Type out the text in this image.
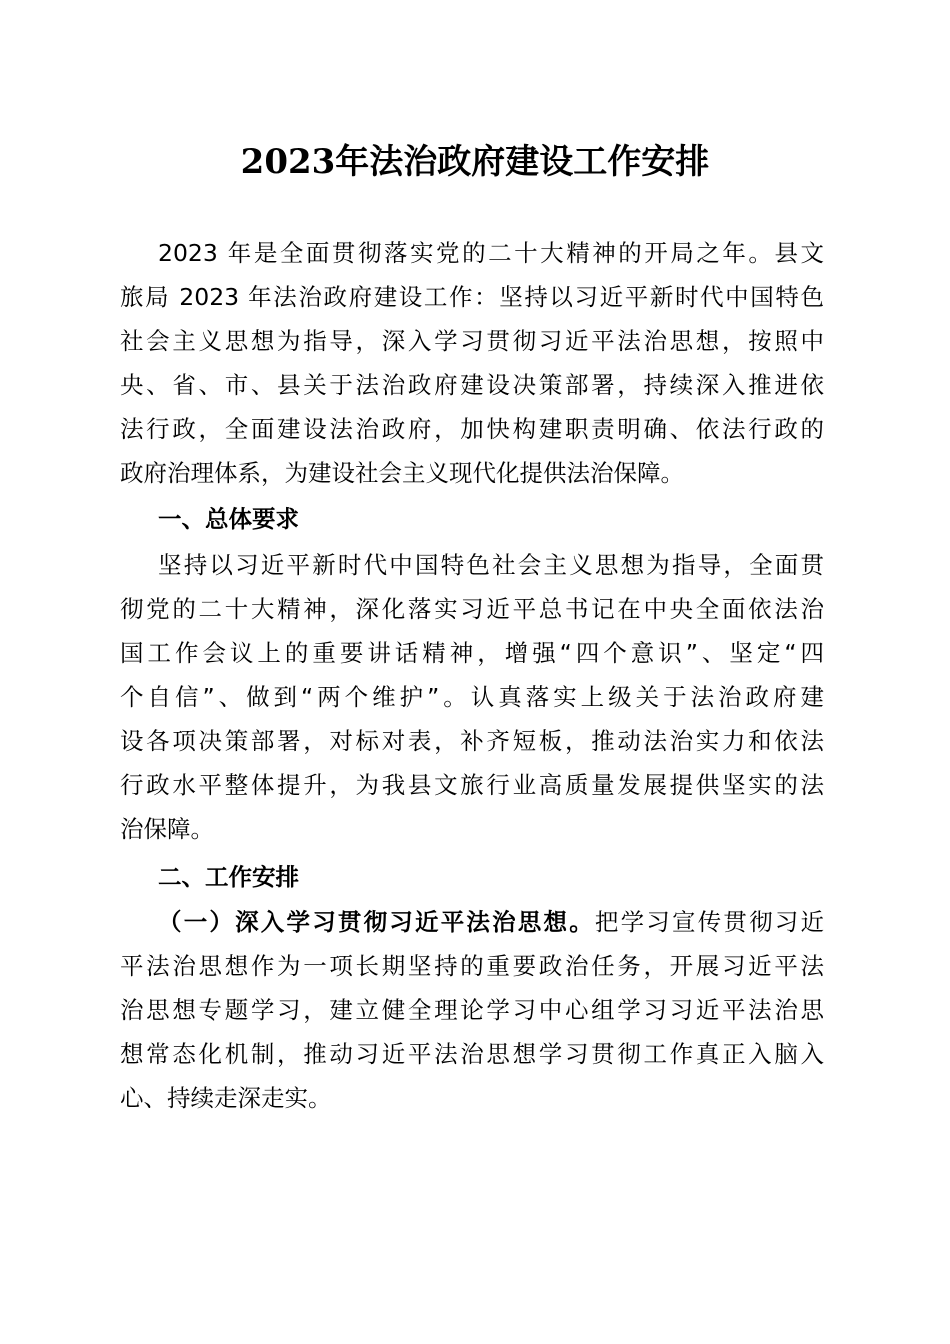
2023年法治政府建设工作安排
2023 年是全面贯彻落实党的二十大精神的开局之年。县文
旅局 2023 年法治政府建设工作：坚持以习近平新时代中国特色
社会主义思想为指导，深入学习贯彻习近平法治思想，按照中
央、省、市、县关于法治政府建设决策部署，持续深入推进依
法行政，全面建设法治政府，加快构建职责明确、依法行政的
政府治理体系，为建设社会主义现代化提供法治保障。
一、总体要求
坚持以习近平新时代中国特色社会主义思想为指导，全面贯
彻党的二十大精神，深化落实习近平总书记在中央全面依法治
国工作会议上的重要讲话精神，增强“四个意识”、坚定“四
个自信”、做到“两个维护”。认真落实上级关于法治政府建
设各项决策部署，对标对表，补齐短板，推动法治实力和依法
行政水平整体提升，为我县文旅行业高质量发展提供坚实的法
治保障。
二、工作安排
（一）深入学习贯彻习近平法治思想。把学习宣传贯彻习近
平法治思想作为一项长期坚持的重要政治任务，开展习近平法
治思想专题学习，建立健全理论学习中心组学习习近平法治思
想常态化机制，推动习近平法治思想学习贯彻工作真正入脑入
心、持续走深走实。
